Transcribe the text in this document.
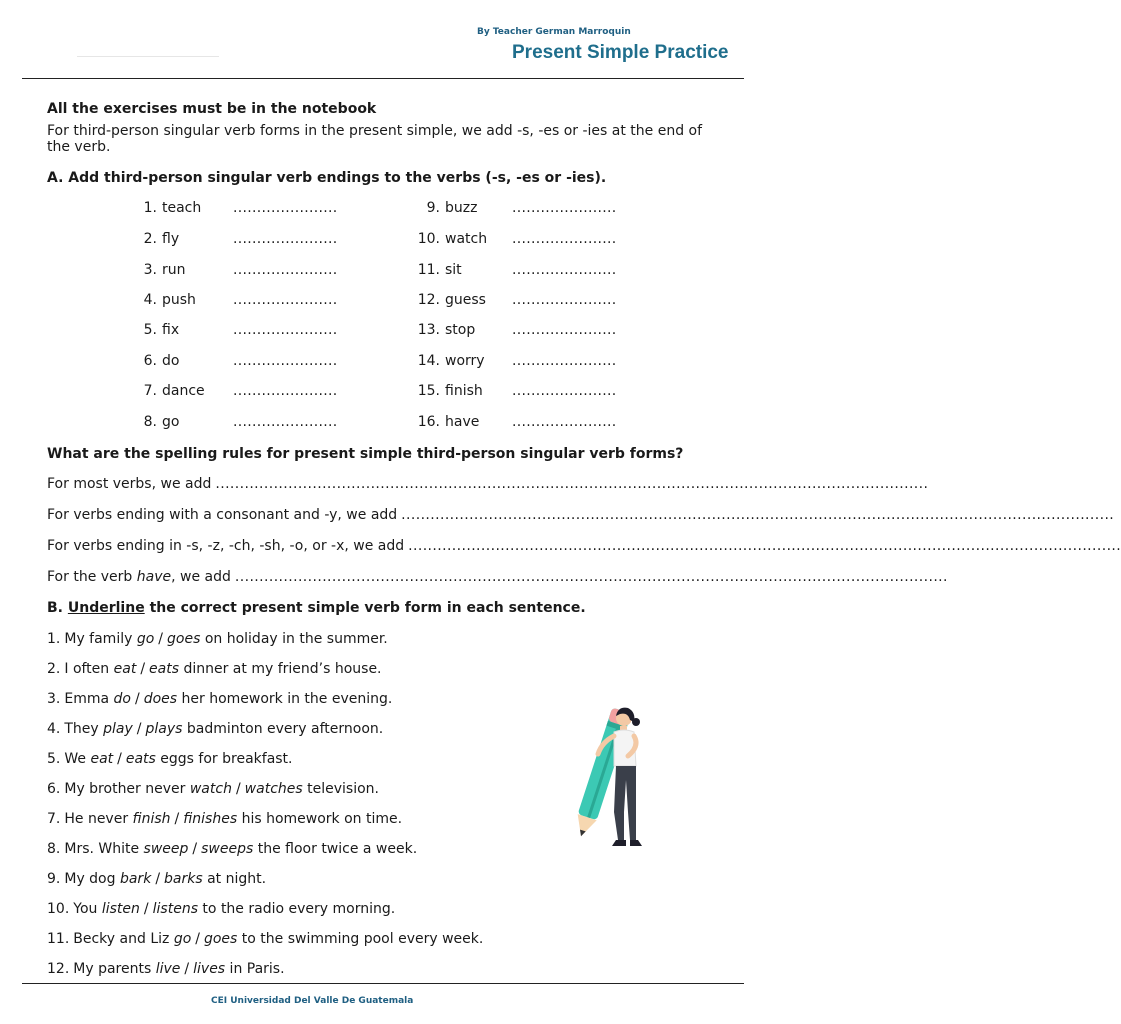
By Teacher German Marroquin
Present Simple Practice
All the exercises must be in the notebook
For third-person singular verb forms in the present simple, we add -s, -es or -ies at the end of the verb.
A. Add third-person singular verb endings to the verbs (-s, -es or -ies).
1. teach ......................
2. fly	......................
3. run	......................
4. push	......................
5. fix	......................
6. do	......................
7. dance ......................
8. go	......................
9. buzz ......................
10. watch ......................
11. sit	......................
12. guess ......................
13. stop	......................
14. worry ......................
15. finish ......................
16. have ......................
What are the spelling rules for present simple third-person singular verb forms?
For most verbs, we add ...................................................................................................................................................
For verbs ending with a consonant and -y, we add ...................................................................................................................................................
For verbs ending in -s, -z, -ch, -sh, -o, or -x, we add ...................................................................................................................................................
For the verb have, we add ...................................................................................................................................................
B. Underline the correct present simple verb form in each sentence.
1. My family go / goes on holiday in the summer.
2. I often eat / eats dinner at my friend’s house.
3. Emma do / does her homework in the evening.
4. They play / plays badminton every afternoon.
5. We eat / eats eggs for breakfast.
6. My brother never watch / watches television.
7. He never finish / finishes his homework on time.
8. Mrs. White sweep / sweeps the floor twice a week.
9. My dog bark / barks at night.
10. You listen / listens to the radio every morning.
11. Becky and Liz go / goes to the swimming pool every week.
12. My parents live / lives in Paris.
CEI Universidad Del Valle De Guatemala
